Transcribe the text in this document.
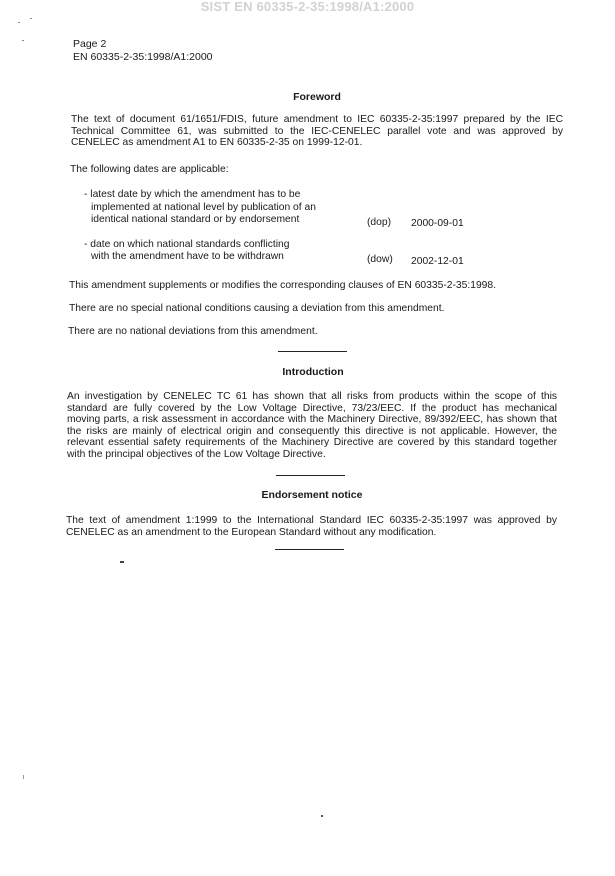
SIST EN 60335-2-35:1998/A1:2000
Page 2
EN 60335-2-35:1998/A1:2000
Foreword
The text of document 61/1651/FDIS, future amendment to IEC 60335-2-35:1997 prepared by the IEC
Technical Committee 61, was submitted to the IEC-CENELEC parallel vote and was approved by
CENELEC as amendment A1 to EN 60335-2-35 on 1999-12-01.
The following dates are applicable:
- latest date by which the amendment has to be
implemented at national level by publication of an
identical national standard or by endorsement	(dop) 2000-09-01
- date on which national standards conflicting
with the amendment have to be withdrawn	(dow) 2002-12-01
This amendment supplements or modifies the corresponding clauses of EN 60335-2-35:1998.
There are no special national conditions causing a deviation from this amendment.
There are no national deviations from this amendment.
Introduction
An investigation by CENELEC TC 61 has shown that all risks from products within the scope of this
standard are fully covered by the Low Voltage Directive, 73/23/EEC. If the product has mechanical
moving parts, a risk assessment in accordance with the Machinery Directive, 89/392/EEC, has shown that
the risks are mainly of electrical origin and consequently this directive is not applicable. However, the
relevant essential safety requirements of the Machinery Directive are covered by this standard together
with the principal objectives of the Low Voltage Directive.
Endorsement notice
The text of amendment 1:1999 to the International Standard IEC 60335-2-35:1997 was approved by
CENELEC as an amendment to the European Standard without any modification.
